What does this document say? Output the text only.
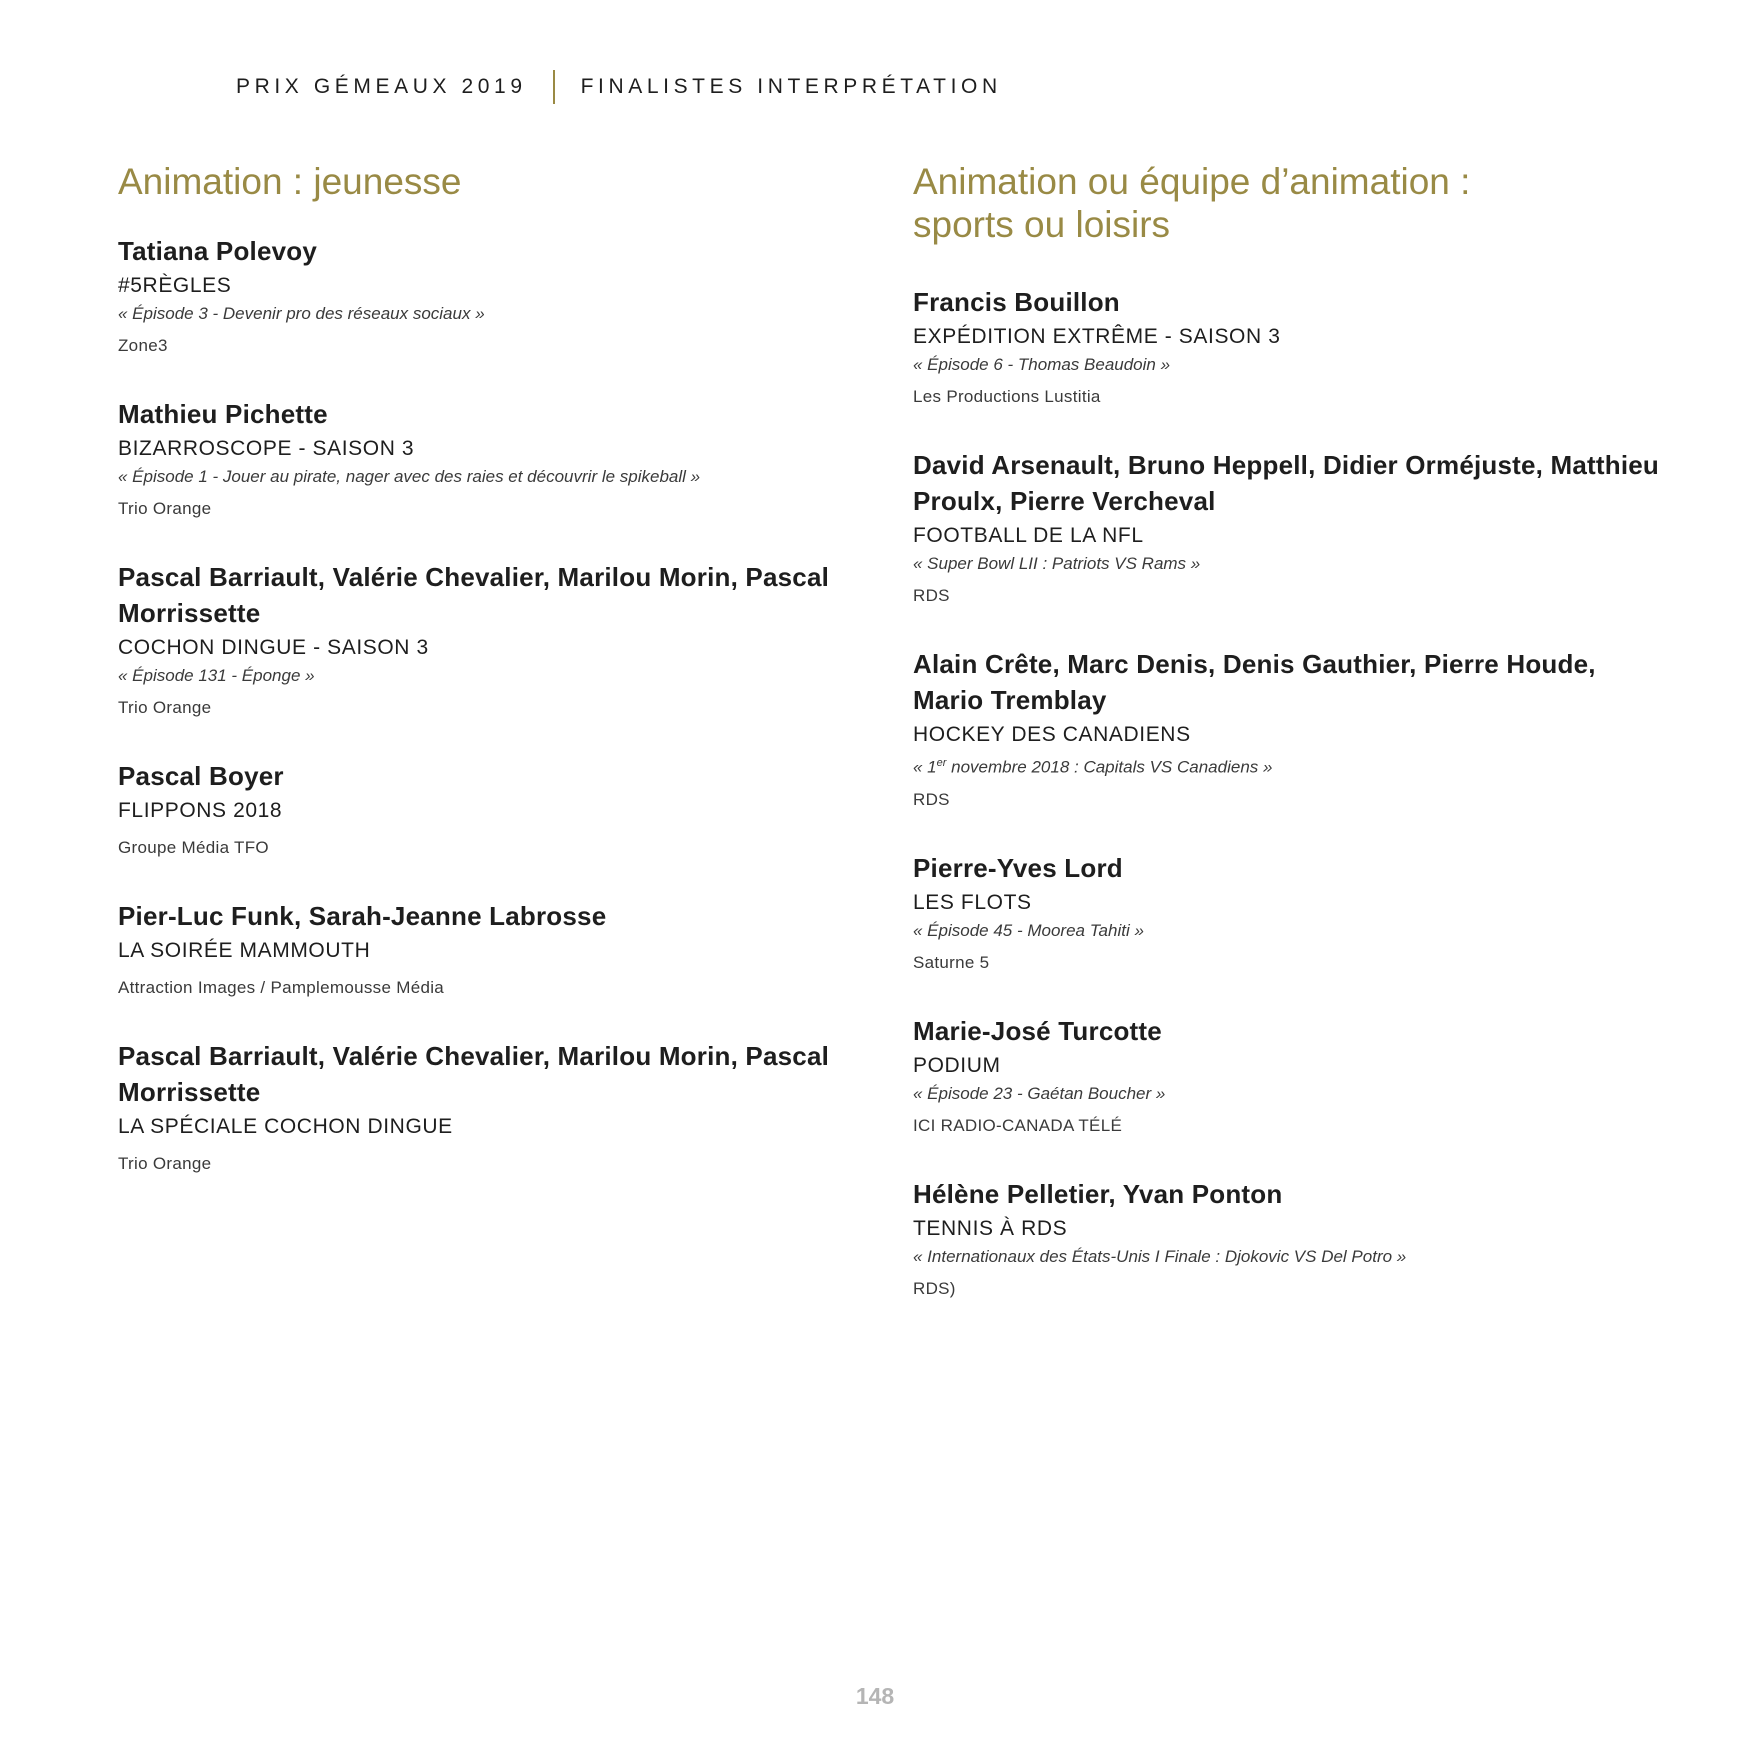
PRIX GÉMEAUX 2019	FINALISTES INTERPRÉTATION
Animation : jeunesse
Tatiana Polevoy
#5RÈGLES
« Épisode 3 - Devenir pro des réseaux sociaux »
Zone3
Mathieu Pichette
BIZARROSCOPE - SAISON 3
« Épisode 1 - Jouer au pirate, nager avec des raies et découvrir le spikeball »
Trio Orange
Pascal Barriault, Valérie Chevalier, Marilou Morin, Pascal Morrissette
COCHON DINGUE - SAISON 3
« Épisode 131 - Éponge »
Trio Orange
Pascal Boyer
FLIPPONS 2018
Groupe Média TFO
Pier-Luc Funk, Sarah-Jeanne Labrosse
LA SOIRÉE MAMMOUTH
Attraction Images / Pamplemousse Média
Pascal Barriault, Valérie Chevalier, Marilou Morin, Pascal Morrissette
LA SPÉCIALE COCHON DINGUE
Trio Orange
Animation ou équipe d’animation : sports ou loisirs
Francis Bouillon
EXPÉDITION EXTRÊME - SAISON 3
« Épisode 6 - Thomas Beaudoin »
Les Productions Lustitia
David Arsenault, Bruno Heppell, Didier Orméjuste, Matthieu Proulx, Pierre Vercheval
FOOTBALL DE LA NFL
« Super Bowl LII : Patriots VS Rams »
RDS
Alain Crête, Marc Denis, Denis Gauthier, Pierre Houde, Mario Tremblay
HOCKEY DES CANADIENS
« 1er novembre 2018 : Capitals VS Canadiens »
RDS
Pierre-Yves Lord
LES FLOTS
« Épisode 45 - Moorea Tahiti »
Saturne 5
Marie-José Turcotte
PODIUM
« Épisode 23 - Gaétan Boucher »
ICI RADIO-CANADA TÉLÉ
Hélène Pelletier, Yvan Ponton
TENNIS À RDS
« Internationaux des États-Unis I Finale : Djokovic VS Del Potro »
RDS)
148
